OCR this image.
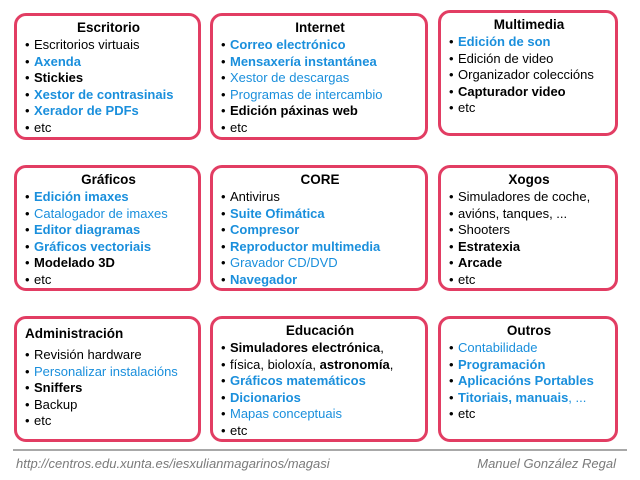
Escritorio
• Escritorios virtuais
• Axenda
• Stickies
• Xestor de contrasinais
• Xerador de PDFs
• etc
Internet
• Correo electrónico
• Mensaxería instantánea
• Xestor de descargas
• Programas de intercambio
• Edición páxinas web
• etc
Multimedia
• Edición de son
• Edición de video
• Organizador coleccións
• Capturador video
• etc
Gráficos
• Edición imaxes
• Catalogador de imaxes
• Editor diagramas
• Gráficos vectoriais
• Modelado 3D
• etc
CORE
• Antivirus
• Suite Ofimática
• Compresor
• Reproductor multimedia
• Gravador CD/DVD
• Navegador
Xogos
• Simuladores de coche,
• avións, tanques, ...
• Shooters
• Estratexia
• Arcade
• etc
Administración
• Revisión hardware
• Personalizar instalacións
• Sniffers
• Backup
• etc
Educación
• Simuladores electrónica,
• física, bioloxía, astronomía,
• Gráficos matemáticos
• Dicionarios
• Mapas conceptuais
• etc
Outros
• Contabilidade
• Programación
• Aplicacións Portables
• Titoriais, manuais, ...
• etc
http://centros.edu.xunta.es/iesxulianmagarinos/magasi	Manuel González Regal
